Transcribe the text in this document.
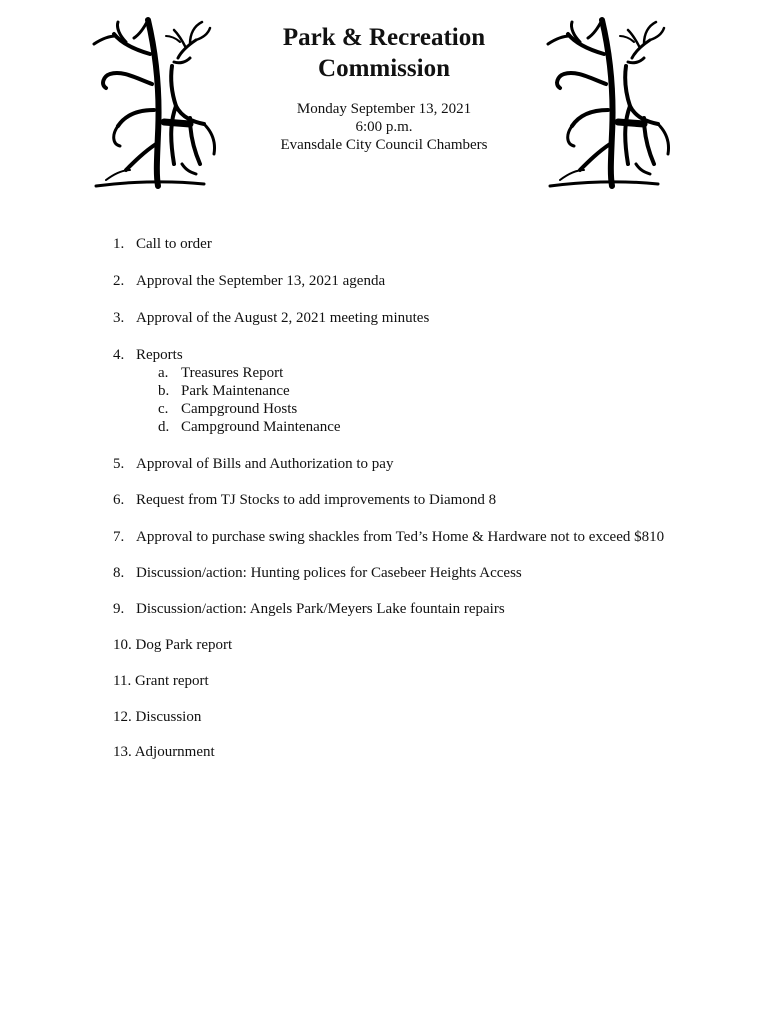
Park & Recreation
Commission
Monday September 13, 2021
6:00 p.m.
Evansdale City Council Chambers
1. Call to order
2. Approval the September 13, 2021 agenda
3. Approval of the August 2, 2021 meeting minutes
4. Reports
a. Treasures Report
b. Park Maintenance
c. Campground Hosts
d. Campground Maintenance
5. Approval of Bills and Authorization to pay
6. Request from TJ Stocks to add improvements to Diamond 8
7. Approval to purchase swing shackles from Ted’s Home & Hardware not to exceed $810
8. Discussion/action: Hunting polices for Casebeer Heights Access
9. Discussion/action: Angels Park/Meyers Lake fountain repairs
10. Dog Park report
11. Grant report
12. Discussion
13. Adjournment
